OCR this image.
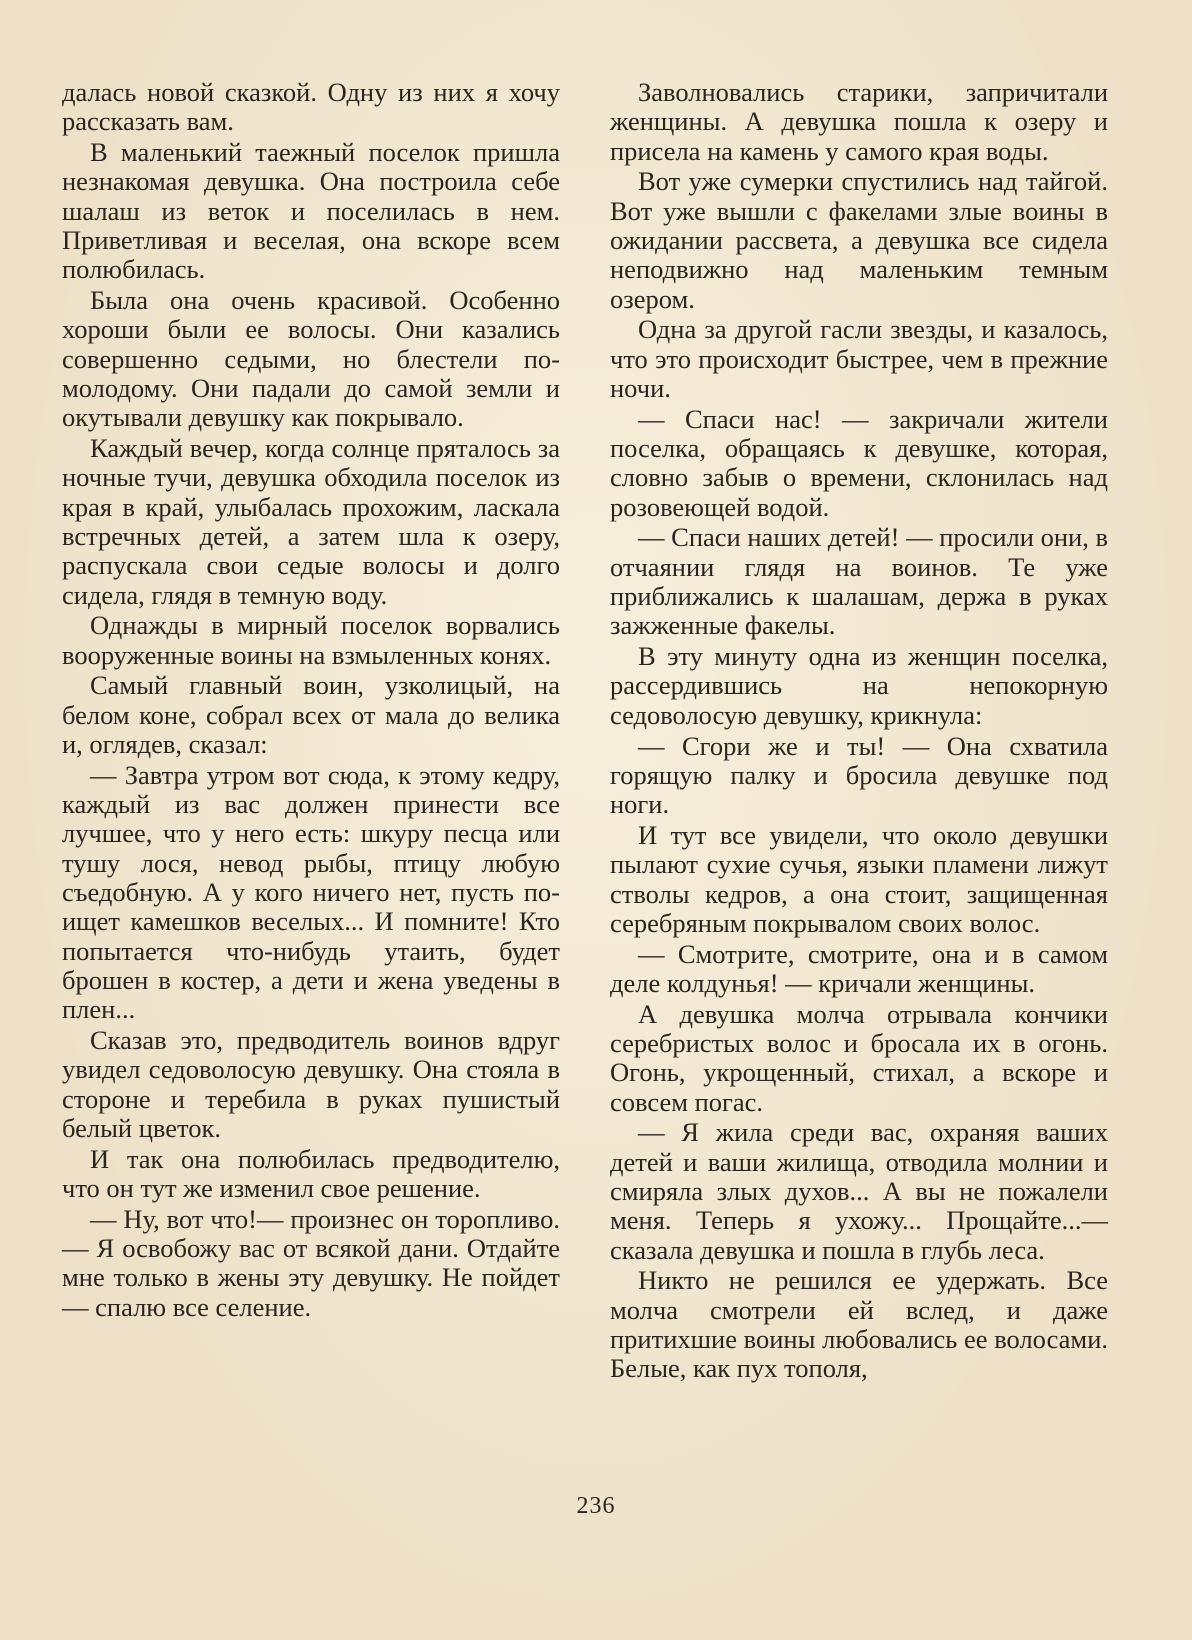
далась новой сказкой. Одну из них я хочу рассказать вам.

В маленький таежный поселок пришла незнакомая девушка. Она построила себе шалаш из веток и поселилась в нем. Приветливая и веселая, она вскоре всем полюбилась.

Была она очень красивой. Особенно хороши были ее волосы. Они казались совершенно седыми, но блестели по-молодому. Они падали до самой земли и окутывали девушку как покрывало.

Каждый вечер, когда солнце пряталось за ночные тучи, девушка обходила поселок из края в край, улыбалась прохожим, ласкала встречных детей, а затем шла к озеру, распускала свои седые волосы и долго сидела, глядя в темную воду.

Однажды в мирный поселок ворвались вооруженные воины на взмыленных конях.

Самый главный воин, узколицый, на белом коне, собрал всех от мала до велика и, оглядев, сказал:

— Завтра утром вот сюда, к этому кедру, каждый из вас должен принести все лучшее, что у него есть: шкуру песца или тушу лося, невод рыбы, птицу любую съедобную. А у кого ничего нет, пусть поищет камешков веселых... И помните! Кто попытается что-нибудь утаить, будет брошен в костер, а дети и жена уведены в плен...

Сказав это, предводитель воинов вдруг увидел седоволосую девушку. Она стояла в стороне и теребила в руках пушистый белый цветок.

И так она полюбилась предводителю, что он тут же изменил свое решение.

— Ну, вот что!— произнес он торопливо.— Я освобожу вас от всякой дани. Отдайте мне только в жены эту девушку. Не пойдет — спалю все селение.

Заволновались старики, запричитали женщины. А девушка пошла к озеру и присела на камень у самого края воды.

Вот уже сумерки спустились над тайгой. Вот уже вышли с факелами злые воины в ожидании рассвета, а девушка все сидела неподвижно над маленьким темным озером.

Одна за другой гасли звезды, и казалось, что это происходит быстрее, чем в прежние ночи.

— Спаси нас! — закричали жители поселка, обращаясь к девушке, которая, словно забыв о времени, склонилась над розовеющей водой.

— Спаси наших детей! — просили они, в отчаянии глядя на воинов. Те уже приближались к шалашам, держа в руках зажженные факелы.

В эту минуту одна из женщин поселка, рассердившись на непокорную седоволосую девушку, крикнула:

— Сгори же и ты! — Она схватила горящую палку и бросила девушке под ноги.

И тут все увидели, что около девушки пылают сухие сучья, языки пламени лижут стволы кедров, а она стоит, защищенная серебряным покрывалом своих волос.

— Смотрите, смотрите, она и в самом деле колдунья! — кричали женщины.

А девушка молча отрывала кончики серебристых волос и бросала их в огонь. Огонь, укрощенный, стихал, а вскоре и совсем погас.

— Я жила среди вас, охраняя ваших детей и ваши жилища, отводила молнии и смиряла злых духов... А вы не пожалели меня. Теперь я ухожу... Прощайте...— сказала девушка и пошла в глубь леса.

Никто не решился ее удержать. Все молча смотрели ей вслед, и даже притихшие воины любовались ее волосами. Белые, как пух тополя,

236
